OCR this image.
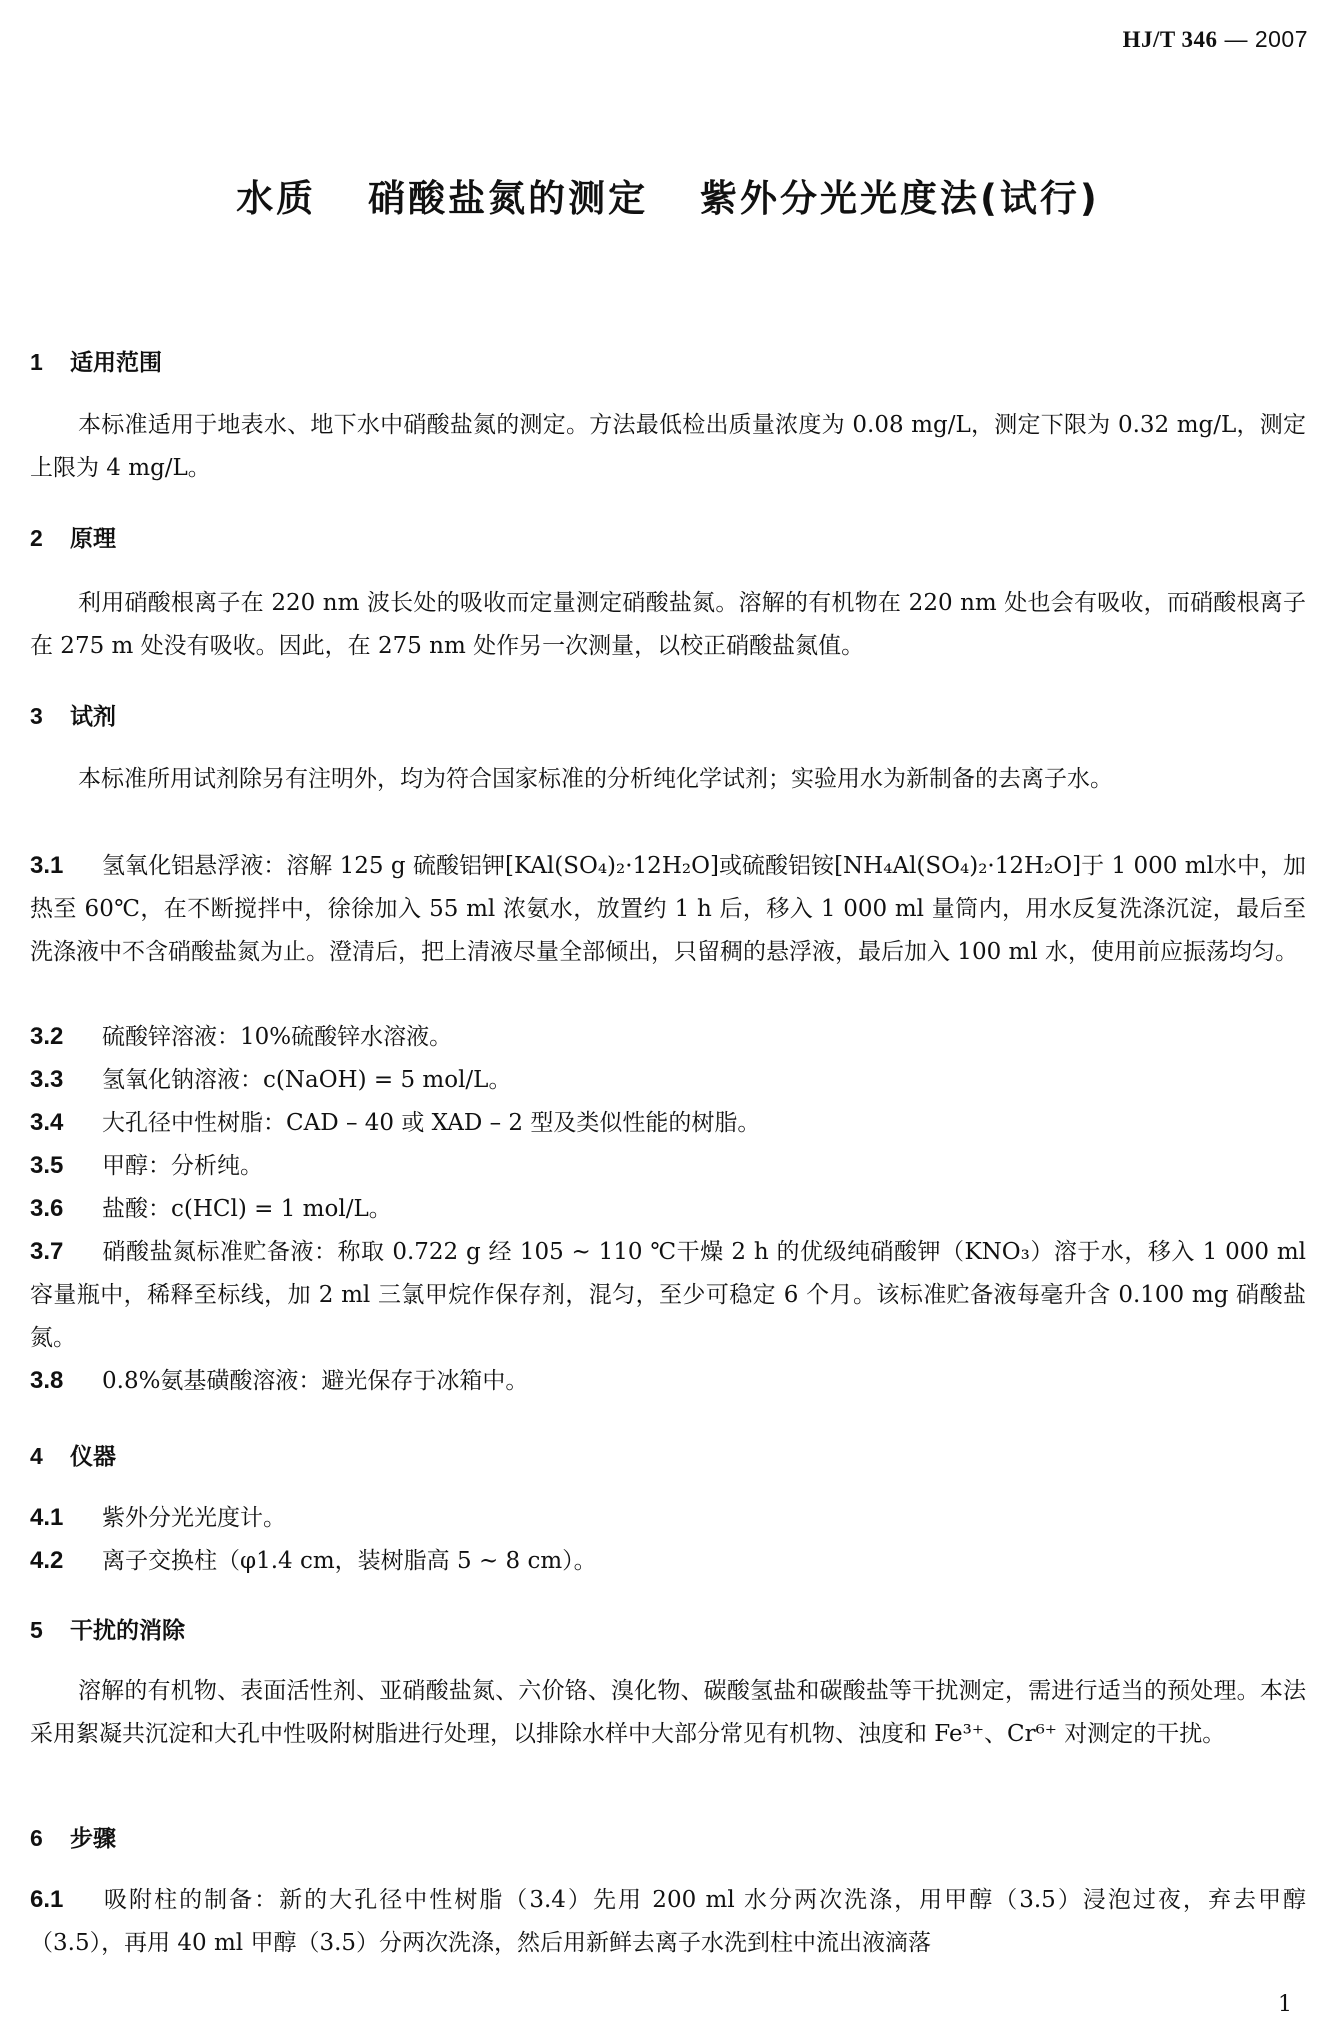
HJ/T 346 — 2007
水质 硝酸盐氮的测定 紫外分光光度法(试行)
1 适用范围
本标准适用于地表水、地下水中硝酸盐氮的测定。方法最低检出质量浓度为 0.08 mg/L，测定下限为 0.32 mg/L，测定上限为 4 mg/L。
2 原理
利用硝酸根离子在 220 nm 波长处的吸收而定量测定硝酸盐氮。溶解的有机物在 220 nm 处也会有吸收，而硝酸根离子在 275 m 处没有吸收。因此，在 275 nm 处作另一次测量，以校正硝酸盐氮值。
3 试剂
本标准所用试剂除另有注明外，均为符合国家标准的分析纯化学试剂；实验用水为新制备的去离子水。
3.1 氢氧化铝悬浮液：溶解 125 g 硫酸铝钾[KAl(SO₄)₂·12H₂O]或硫酸铝铵[NH₄Al(SO₄)₂·12H₂O]于 1 000 ml水中，加热至 60℃，在不断搅拌中，徐徐加入 55 ml 浓氨水，放置约 1 h 后，移入 1 000 ml 量筒内，用水反复洗涤沉淀，最后至洗涤液中不含硝酸盐氮为止。澄清后，把上清液尽量全部倾出，只留稠的悬浮液，最后加入 100 ml 水，使用前应振荡均匀。
3.2 硫酸锌溶液：10%硫酸锌水溶液。
3.3 氢氧化钠溶液：c(NaOH) = 5 mol/L。
3.4 大孔径中性树脂：CAD – 40 或 XAD – 2 型及类似性能的树脂。
3.5 甲醇：分析纯。
3.6 盐酸：c(HCl) = 1 mol/L。
3.7 硝酸盐氮标准贮备液：称取 0.722 g 经 105 ~ 110 ℃干燥 2 h 的优级纯硝酸钾（KNO₃）溶于水，移入 1 000 ml 容量瓶中，稀释至标线，加 2 ml 三氯甲烷作保存剂，混匀，至少可稳定 6 个月。该标准贮备液每毫升含 0.100 mg 硝酸盐氮。
3.8 0.8%氨基磺酸溶液：避光保存于冰箱中。
4 仪器
4.1 紫外分光光度计。
4.2 离子交换柱（φ1.4 cm，装树脂高 5 ~ 8 cm）。
5 干扰的消除
溶解的有机物、表面活性剂、亚硝酸盐氮、六价铬、溴化物、碳酸氢盐和碳酸盐等干扰测定，需进行适当的预处理。本法采用絮凝共沉淀和大孔中性吸附树脂进行处理，以排除水样中大部分常见有机物、浊度和 Fe³⁺、Cr⁶⁺ 对测定的干扰。
6 步骤
6.1 吸附柱的制备：新的大孔径中性树脂（3.4）先用 200 ml 水分两次洗涤，用甲醇（3.5）浸泡过夜，弃去甲醇（3.5），再用 40 ml 甲醇（3.5）分两次洗涤，然后用新鲜去离子水洗到柱中流出液滴落
1
